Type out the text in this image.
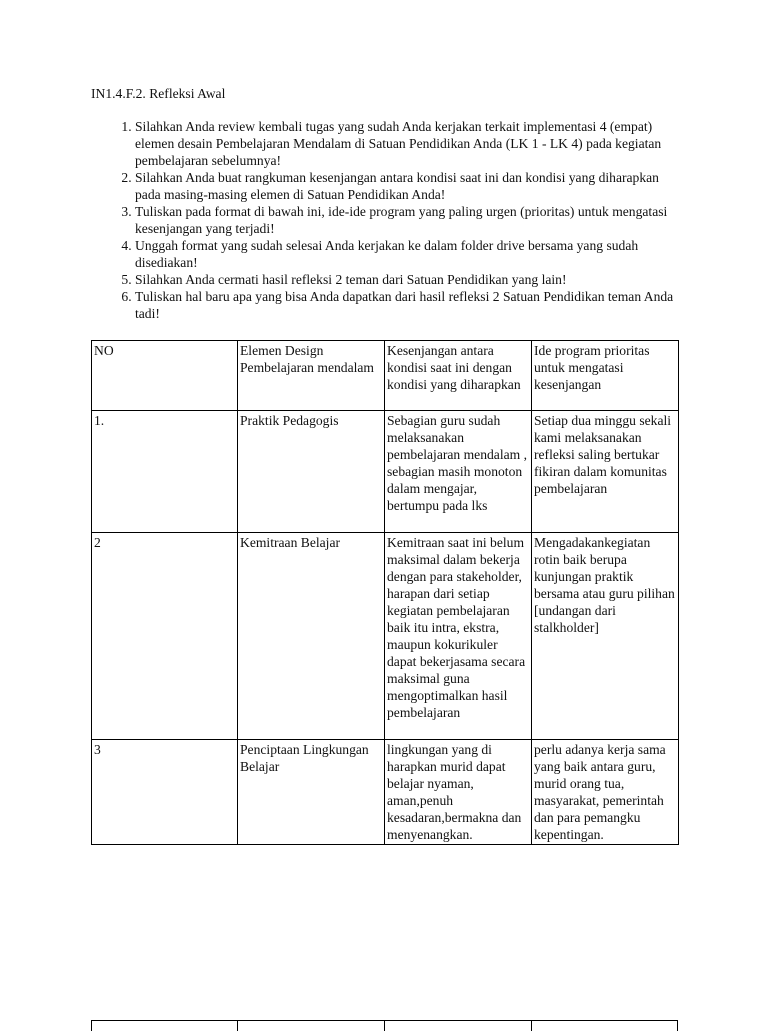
IN1.4.F.2. Refleksi Awal

1. Silahkan Anda review kembali tugas yang sudah Anda kerjakan terkait implementasi 4 (empat) elemen desain Pembelajaran Mendalam di Satuan Pendidikan Anda (LK 1 - LK 4) pada kegiatan pembelajaran sebelumnya!
2. Silahkan Anda buat rangkuman kesenjangan antara kondisi saat ini dan kondisi yang diharapkan pada masing-masing elemen di Satuan Pendidikan Anda!
3. Tuliskan pada format di bawah ini, ide-ide program yang paling urgen (prioritas) untuk mengatasi kesenjangan yang terjadi!
4. Unggah format yang sudah selesai Anda kerjakan ke dalam folder drive bersama yang sudah disediakan!
5. Silahkan Anda cermati hasil refleksi 2 teman dari Satuan Pendidikan yang lain!
6. Tuliskan hal baru apa yang bisa Anda dapatkan dari hasil refleksi 2 Satuan Pendidikan teman Anda tadi!
NO	Elemen Design Pembelajaran mendalam	Kesenjangan antara kondisi saat ini dengan kondisi yang diharapkan	Ide program prioritas untuk mengatasi kesenjangan
1.	Praktik Pedagogis	Sebagian guru sudah melaksanakan pembelajaran mendalam , sebagian masih monoton dalam mengajar, bertumpu pada lks	Setiap dua minggu sekali kami melaksanakan refleksi saling bertukar fikiran dalam komunitas pembelajaran
2	Kemitraan Belajar	Kemitraan saat ini belum maksimal dalam bekerja dengan para stakeholder, harapan dari setiap kegiatan pembelajaran baik itu intra, ekstra, maupun kokurikuler dapat bekerjasama secara maksimal guna mengoptimalkan hasil pembelajaran	Mengadakankegiatan rotin baik berupa kunjungan praktik bersama atau guru pilihan [undangan dari stalkholder]
3	Penciptaan Lingkungan Belajar	lingkungan yang di harapkan murid dapat belajar nyaman, aman,penuh kesadaran,bermakna dan menyenangkan.	perlu adanya kerja sama yang baik antara guru, murid orang tua, masyarakat, pemerintah dan para pemangku kepentingan.
